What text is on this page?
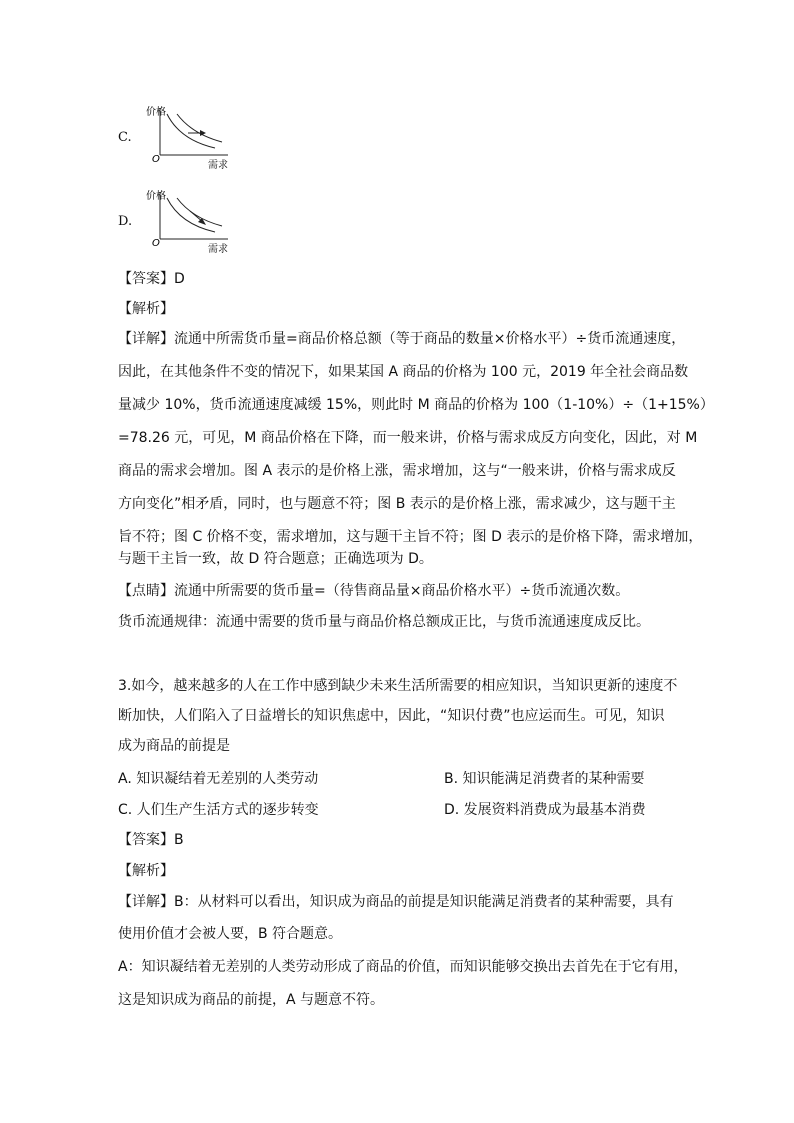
C.
价格
O
需求
D.
价格
O
需求
【答案】D
【解析】
【详解】流通中所需货币量=商品价格总额（等于商品的数量×价格水平）÷货币流通速度，
因此，在其他条件不变的情况下，如果某国 A 商品的价格为 100 元，2019 年全社会商品数
量减少 10%，货币流通速度减缓 15%，则此时 M 商品的价格为 100（1-10%）÷（1+15%）
=78.26 元，可见，M 商品价格在下降，而一般来讲，价格与需求成反方向变化，因此，对 M
商品的需求会增加。图 A 表示的是价格上涨，需求增加，这与“一般来讲，价格与需求成反
方向变化”相矛盾，同时，也与题意不符；图 B 表示的是价格上涨，需求减少，这与题干主
旨不符；图 C 价格不变，需求增加，这与题干主旨不符；图 D 表示的是价格下降，需求增加，
与题干主旨一致，故 D 符合题意；正确选项为 D。
【点睛】流通中所需要的货币量=（待售商品量×商品价格水平）÷货币流通次数。
货币流通规律：流通中需要的货币量与商品价格总额成正比，与货币流通速度成反比。
3.如今，越来越多的人在工作中感到缺少未来生活所需要的相应知识，当知识更新的速度不
断加快，人们陷入了日益增长的知识焦虑中，因此，“知识付费”也应运而生。可见，知识
成为商品的前提是
A. 知识凝结着无差别的人类劳动	B. 知识能满足消费者的某种需要
C. 人们生产生活方式的逐步转变	D. 发展资料消费成为最基本消费
【答案】B
【解析】
【详解】B：从材料可以看出，知识成为商品的前提是知识能满足消费者的某种需要，具有
使用价值才会被人要，B 符合题意。
A：知识凝结着无差别的人类劳动形成了商品的价值，而知识能够交换出去首先在于它有用，
这是知识成为商品的前提，A 与题意不符。
